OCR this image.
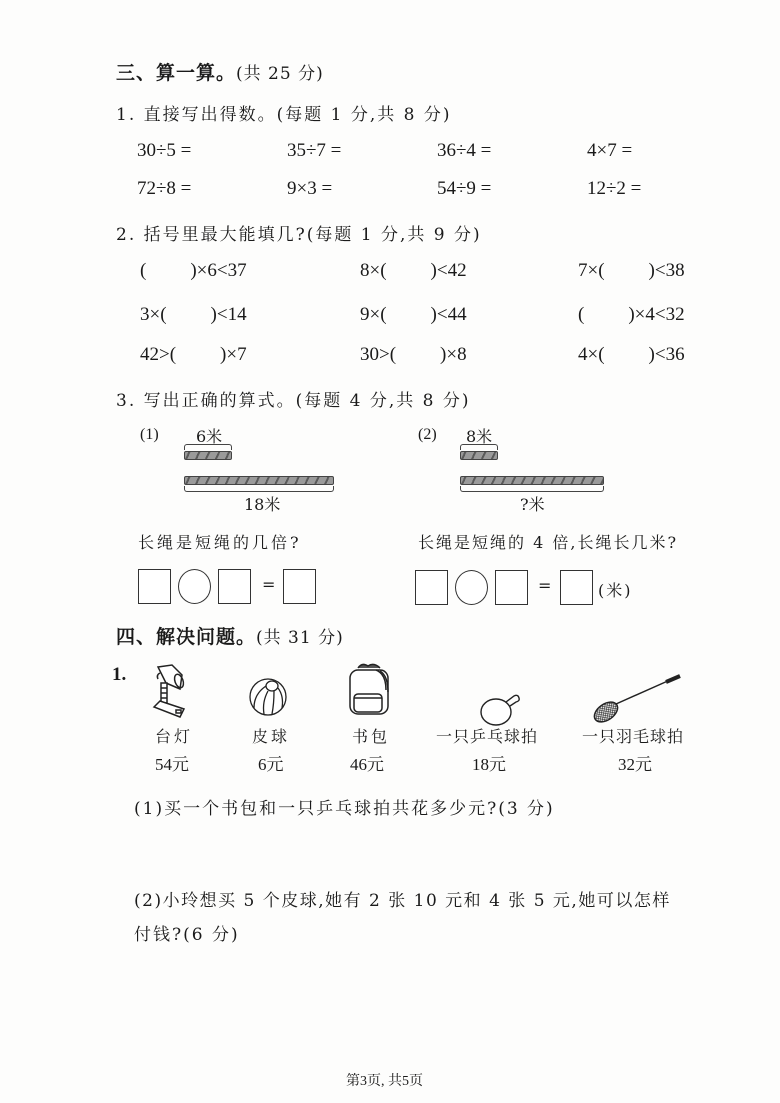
三、算一算。(共 25 分)
1. 直接写出得数。(每题 1 分,共 8 分)
30÷5 =	35÷7 =	36÷4 =	4×7 =
72÷8 =	9×3 =	54÷9 =	12÷2 =
2. 括号里最大能填几?(每题 1 分,共 9 分)
( )×6<37	8×( )<42	7×( )<38
3×( )<14	9×( )<44	( )×4<32
42>( )×7	30>( )×8	4×( )<36
3. 写出正确的算式。(每题 4 分,共 8 分)
(1) 6米
18米
(2) 8米
?米
长绳是短绳的几倍?	长绳是短绳的 4 倍,长绳长几米?
=	=	(米)
四、解决问题。(共 31 分)
1.
台灯
54元
皮球
6元
书包
46元
一只乒乓球拍
18元
一只羽毛球拍
32元
(1)买一个书包和一只乒乓球拍共花多少元?(3 分)
(2)小玲想买 5 个皮球,她有 2 张 10 元和 4 张 5 元,她可以怎样
付钱?(6 分)
第3页, 共5页
